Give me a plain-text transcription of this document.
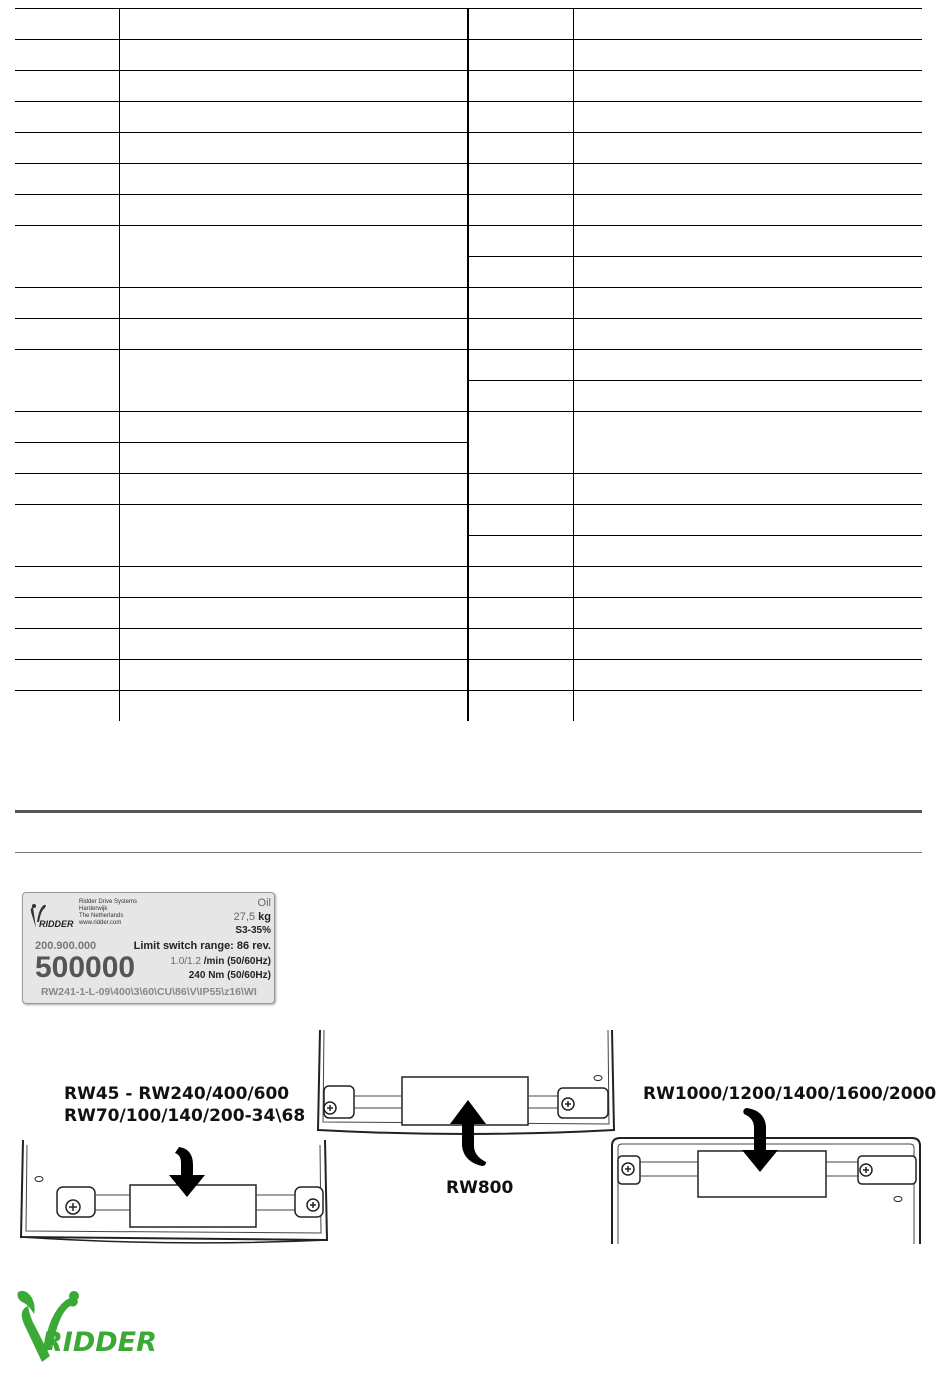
RIDDER
Ridder Drive Systems
Harderwijk
The Netherlands
www.ridder.com
Oil
27,5 kg
S3-35%
200.900.000	Limit switch range: 86 rev.
500000	1.0/1.2 /min (50/60Hz)
240 Nm (50/60Hz)
RW241-1-L-09\400\3\60\CU\86\V\IP55\z16\WI
RW45 - RW240/400/600
RW70/100/140/200-34\68
RW800
RW1000/1200/1400/1600/2000
RIDDER
